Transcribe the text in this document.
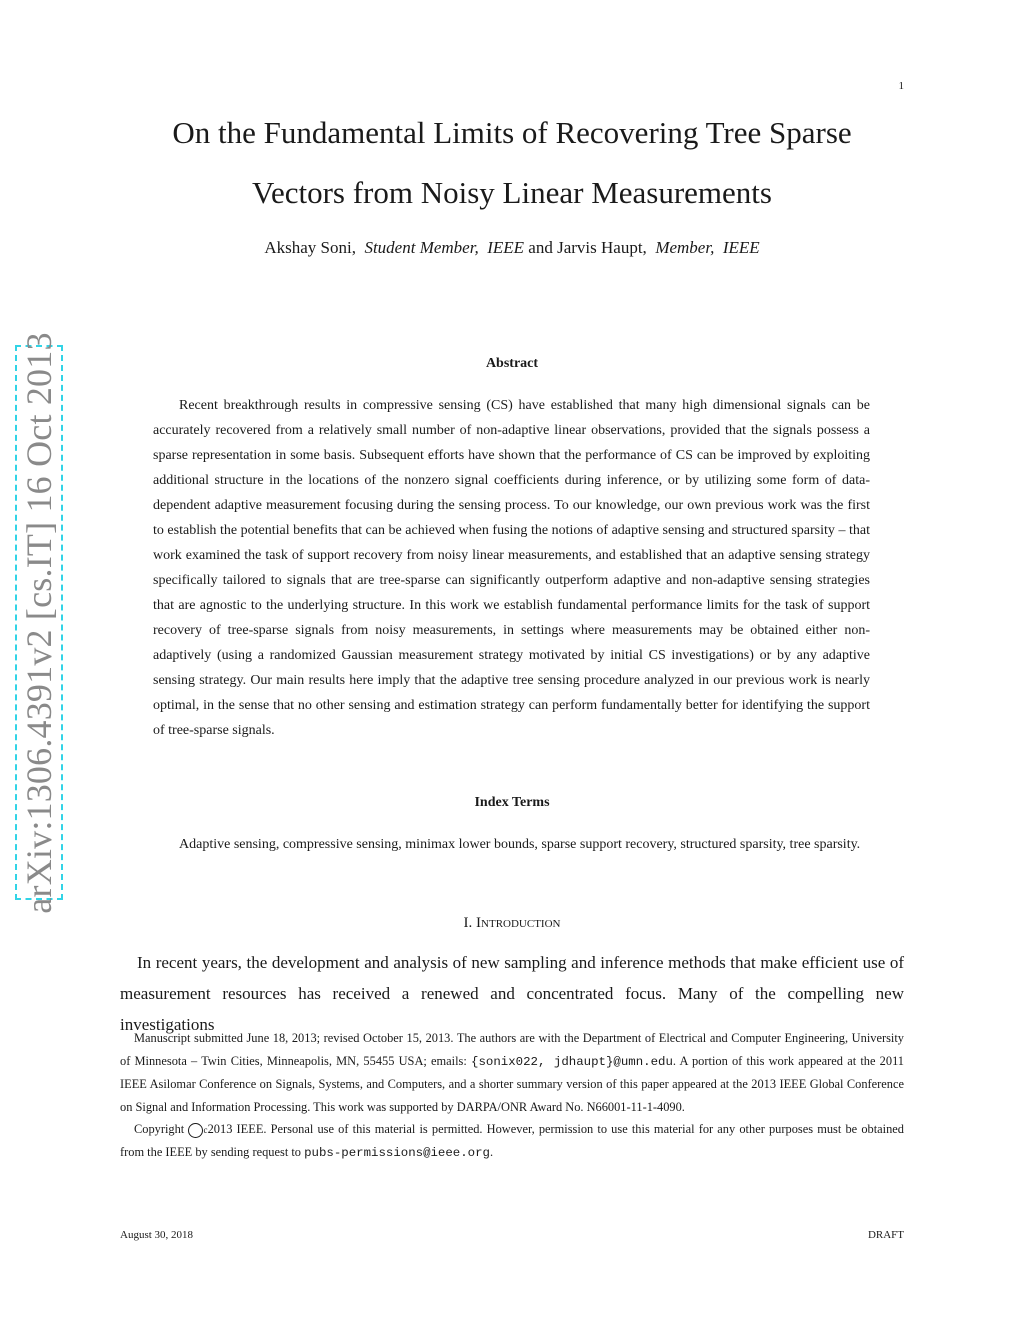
1
On the Fundamental Limits of Recovering Tree Sparse
Vectors from Noisy Linear Measurements
Akshay Soni, Student Member, IEEE and Jarvis Haupt, Member, IEEE
arXiv:1306.4391v2 [cs.IT] 16 Oct 2013	Abstract
Recent breakthrough results in compressive sensing (CS) have established that many high dimensional signals can be accurately recovered from a relatively small number of non-adaptive linear observations, provided that the signals possess a sparse representation in some basis. Subsequent efforts have shown that the performance of CS can be improved by exploiting additional structure in the locations of the nonzero signal coefficients during inference, or by utilizing some form of data-dependent adaptive measurement focusing during the sensing process. To our knowledge, our own previous work was the first to establish the potential benefits that can be achieved when fusing the notions of adaptive sensing and structured sparsity – that work examined the task of support recovery from noisy linear measurements, and established that an adaptive sensing strategy specifically tailored to signals that are tree-sparse can significantly outperform adaptive and non-adaptive sensing strategies that are agnostic to the underlying structure. In this work we establish fundamental performance limits for the task of support recovery of tree-sparse signals from noisy measurements, in settings where measurements may be obtained either non-adaptively (using a randomized Gaussian measurement strategy motivated by initial CS investigations) or by any adaptive sensing strategy. Our main results here imply that the adaptive tree sensing procedure analyzed in our previous work is nearly optimal, in the sense that no other sensing and estimation strategy can perform fundamentally better for identifying the support of tree-sparse signals.
Index Terms
Adaptive sensing, compressive sensing, minimax lower bounds, sparse support recovery, structured sparsity, tree sparsity.
I. Introduction
In recent years, the development and analysis of new sampling and inference methods that make efficient use of measurement resources has received a renewed and concentrated focus. Many of the compelling new investigations

Manuscript submitted June 18, 2013; revised October 15, 2013. The authors are with the Department of Electrical and Computer Engineering, University of Minnesota – Twin Cities, Minneapolis, MN, 55455 USA; emails: {sonix022, jdhaupt}@umn.edu. A portion of this work appeared at the 2011 IEEE Asilomar Conference on Signals, Systems, and Computers, and a shorter summary version of this paper appeared at the 2013 IEEE Global Conference on Signal and Information Processing. This work was supported by DARPA/ONR Award No. N66001-11-1-4090.

Copyright c 2013 IEEE. Personal use of this material is permitted. However, permission to use this material for any other purposes must be obtained from the IEEE by sending request to pubs-permissions@ieee.org.

August 30, 2018	DRAFT
